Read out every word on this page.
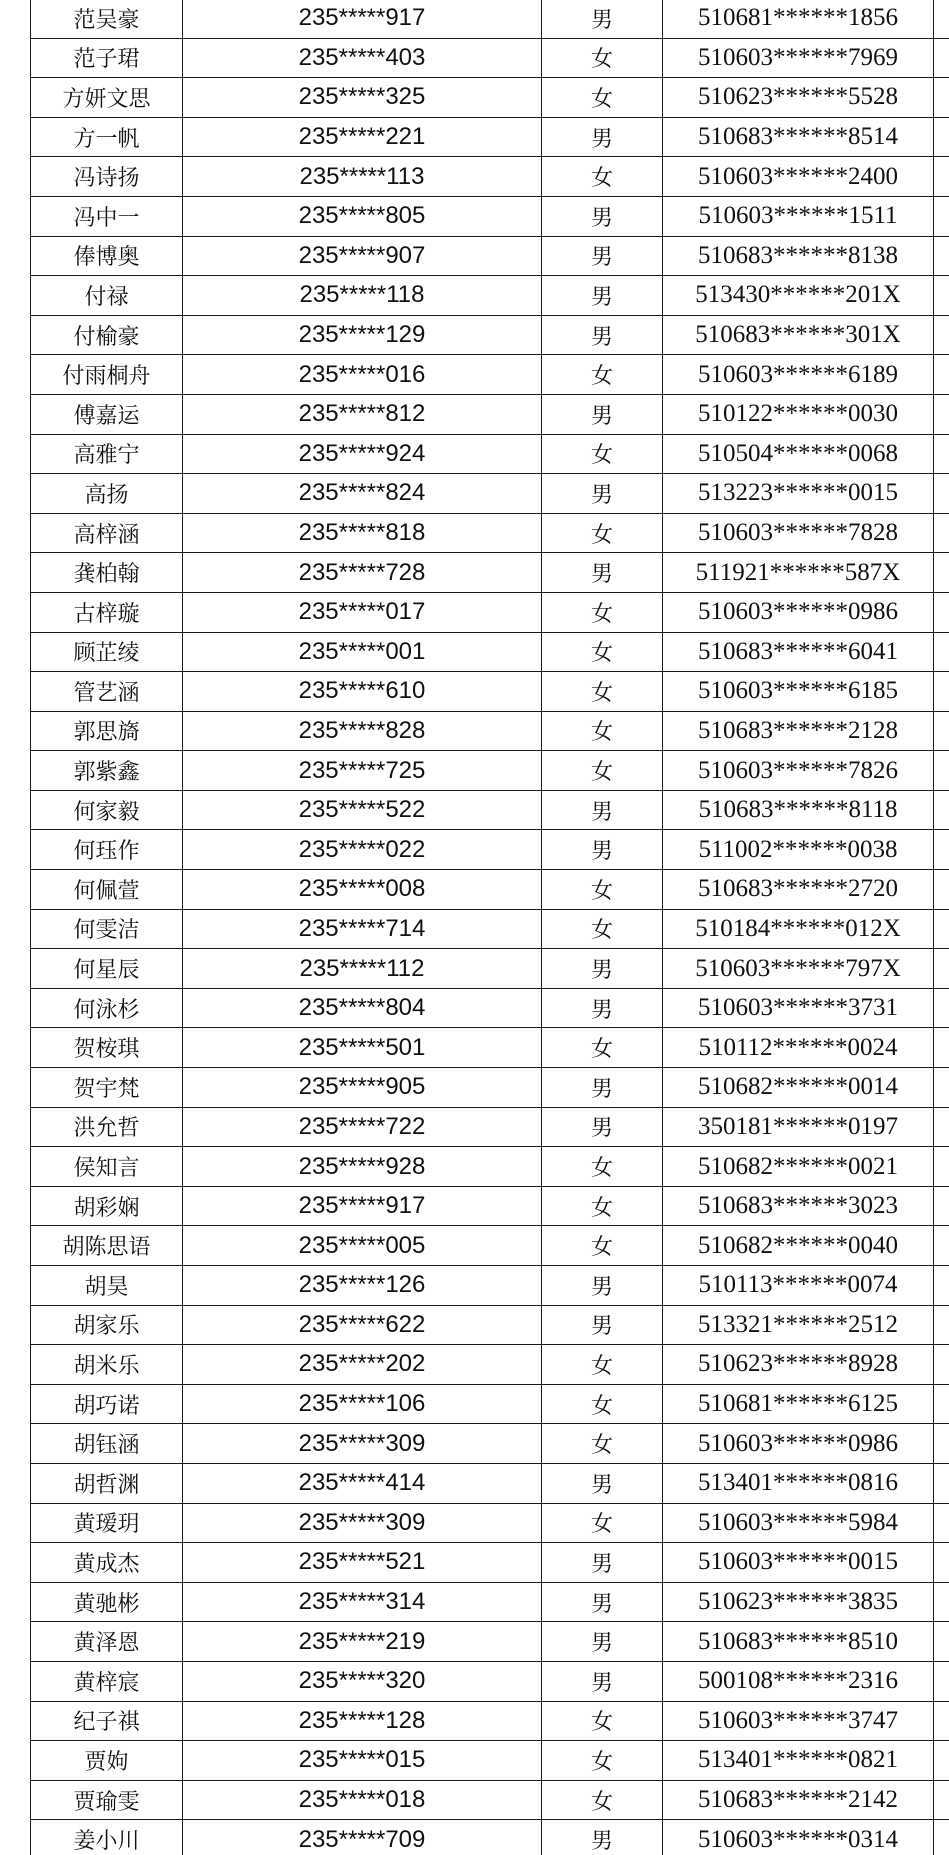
范吴豪	235*****917	男	510681******1856	
范子珺	235*****403	女	510603******7969	
方妍文思	235*****325	女	510623******5528	
方一帆	235*****221	男	510683******8514	
冯诗扬	235*****113	女	510603******2400	
冯中一	235*****805	男	510603******1511	
俸博奥	235*****907	男	510683******8138	
付禄	235*****118	男	513430******201X	
付榆豪	235*****129	男	510683******301X	
付雨桐舟	235*****016	女	510603******6189	
傅嘉运	235*****812	男	510122******0030	
高雅宁	235*****924	女	510504******0068	
高扬	235*****824	男	513223******0015	
高梓涵	235*****818	女	510603******7828	
龚柏翰	235*****728	男	511921******587X	
古梓璇	235*****017	女	510603******0986	
顾芷绫	235*****001	女	510683******6041	
管艺涵	235*****610	女	510603******6185	
郭思旖	235*****828	女	510683******2128	
郭紫鑫	235*****725	女	510603******7826	
何家毅	235*****522	男	510683******8118	
何珏作	235*****022	男	511002******0038	
何佩萱	235*****008	女	510683******2720	
何雯洁	235*****714	女	510184******012X	
何星辰	235*****112	男	510603******797X	
何泳杉	235*****804	男	510603******3731	
贺桉琪	235*****501	女	510112******0024	
贺宇梵	235*****905	男	510682******0014	
洪允哲	235*****722	男	350181******0197	
侯知言	235*****928	女	510682******0021	
胡彩娴	235*****917	女	510683******3023	
胡陈思语	235*****005	女	510682******0040	
胡昊	235*****126	男	510113******0074	
胡家乐	235*****622	男	513321******2512	
胡米乐	235*****202	女	510623******8928	
胡巧诺	235*****106	女	510681******6125	
胡钰涵	235*****309	女	510603******0986	
胡哲渊	235*****414	男	513401******0816	
黄瑷玥	235*****309	女	510603******5984	
黄成杰	235*****521	男	510603******0015	
黄驰彬	235*****314	男	510623******3835	
黄泽恩	235*****219	男	510683******8510	
黄梓宸	235*****320	男	500108******2316	
纪子祺	235*****128	女	510603******3747	
贾姁	235*****015	女	513401******0821	
贾瑜雯	235*****018	女	510683******2142	
姜小川	235*****709	男	510603******0314	
